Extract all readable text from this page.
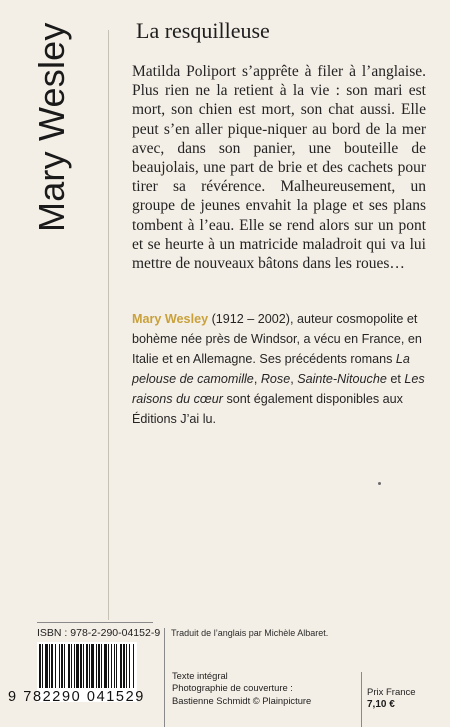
Mary Wesley	La resquilleuse

Matilda Poliport s’apprête à filer à l’anglaise. Plus rien ne la retient à la vie : son mari est mort, son chien est mort, son chat aussi. Elle peut s’en aller pique-niquer au bord de la mer avec, dans son panier, une bouteille de beaujolais, une part de brie et des cachets pour tirer sa révérence. Malheureusement, un groupe de jeunes envahit la plage et ses plans tombent à l’eau. Elle se rend alors sur un pont et se heurte à un matricide maladroit qui va lui mettre de nouveaux bâtons dans les roues…

Mary Wesley (1912 – 2002), auteur cosmopolite et bohème née près de Windsor, a vécu en France, en Italie et en Allemagne. Ses précédents romans La pelouse de camomille, Rose, Sainte-Nitouche et Les raisons du cœur sont également disponibles aux Éditions J’ai lu.

ISBN : 978-2-290-04152-9
9 782290 041529
Traduit de l’anglais par Michèle Albaret.
Texte intégral
Photographie de couverture :
Bastienne Schmidt © Plainpicture
Prix France
7,10 €
